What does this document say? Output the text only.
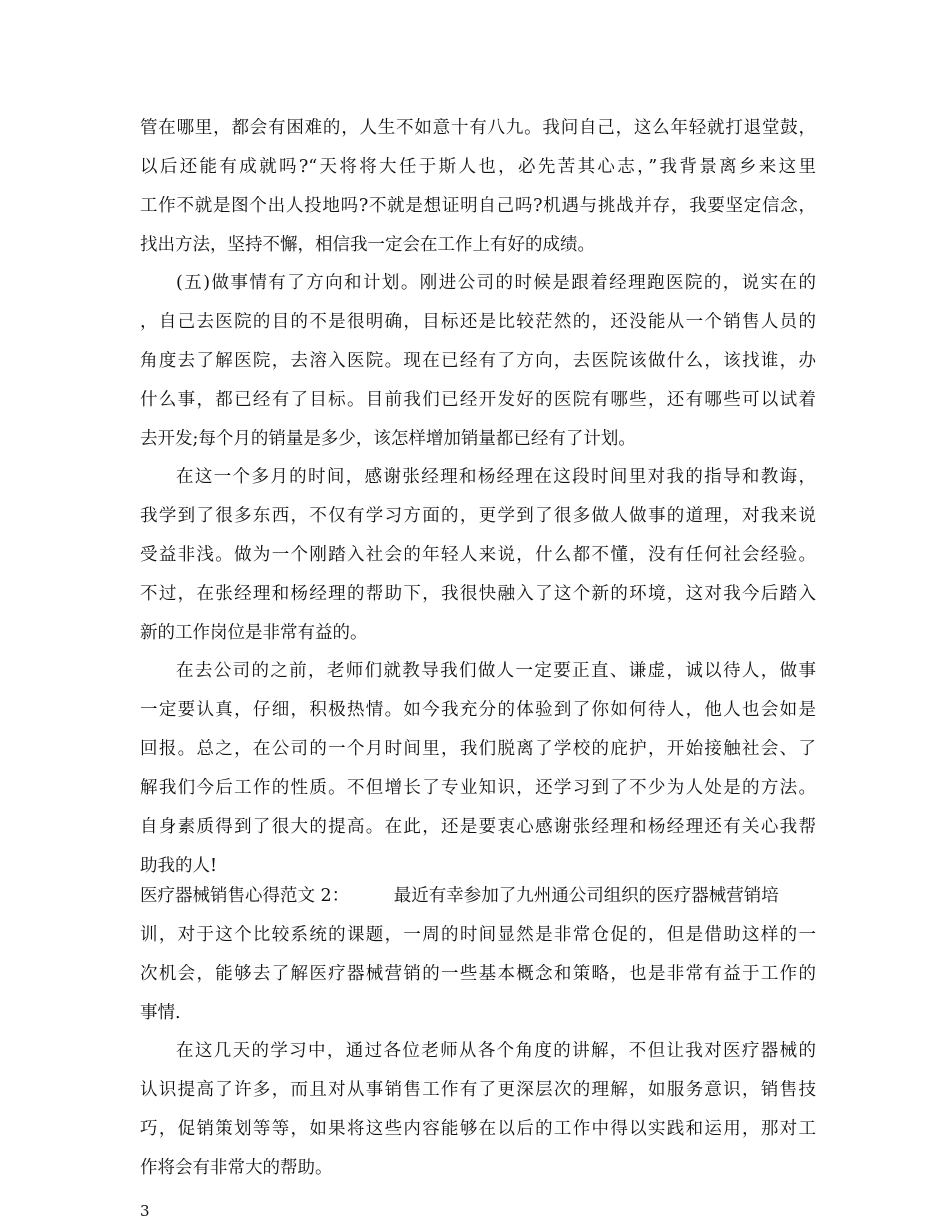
管在哪里，都会有困难的，人生不如意十有八九。我问自己，这么年轻就打退堂鼓，
以后还能有成就吗?“天将将大任于斯人也，必先苦其心志，”我背景离乡来这里
工作不就是图个出人投地吗?不就是想证明自己吗?机遇与挑战并存，我要坚定信念，
找出方法，坚持不懈，相信我一定会在工作上有好的成绩。
(五)做事情有了方向和计划。刚进公司的时候是跟着经理跑医院的，说实在的
，自己去医院的目的不是很明确，目标还是比较茫然的，还没能从一个销售人员的
角度去了解医院，去溶入医院。现在已经有了方向，去医院该做什么，该找谁，办
什么事，都已经有了目标。目前我们已经开发好的医院有哪些，还有哪些可以试着
去开发;每个月的销量是多少，该怎样增加销量都已经有了计划。
在这一个多月的时间，感谢张经理和杨经理在这段时间里对我的指导和教诲，
我学到了很多东西，不仅有学习方面的，更学到了很多做人做事的道理，对我来说
受益非浅。做为一个刚踏入社会的年轻人来说，什么都不懂，没有任何社会经验。
不过，在张经理和杨经理的帮助下，我很快融入了这个新的环境，这对我今后踏入
新的工作岗位是非常有益的。
在去公司的之前，老师们就教导我们做人一定要正直、谦虚，诚以待人，做事
一定要认真，仔细，积极热情。如今我充分的体验到了你如何待人，他人也会如是
回报。总之，在公司的一个月时间里，我们脱离了学校的庇护，开始接触社会、了
解我们今后工作的性质。不但增长了专业知识，还学习到了不少为人处是的方法。
自身素质得到了很大的提高。在此，还是要衷心感谢张经理和杨经理还有关心我帮
助我的人!
医疗器械销售心得范文 2：        最近有幸参加了九州通公司组织的医疗器械营销培
训，对于这个比较系统的课题，一周的时间显然是非常仓促的，但是借助这样的一
次机会，能够去了解医疗器械营销的一些基本概念和策略，也是非常有益于工作的
事情.
在这几天的学习中，通过各位老师从各个角度的讲解，不但让我对医疗器械的
认识提高了许多，而且对从事销售工作有了更深层次的理解，如服务意识，销售技
巧，促销策划等等，如果将这些内容能够在以后的工作中得以实践和运用，那对工
作将会有非常大的帮助。
3
